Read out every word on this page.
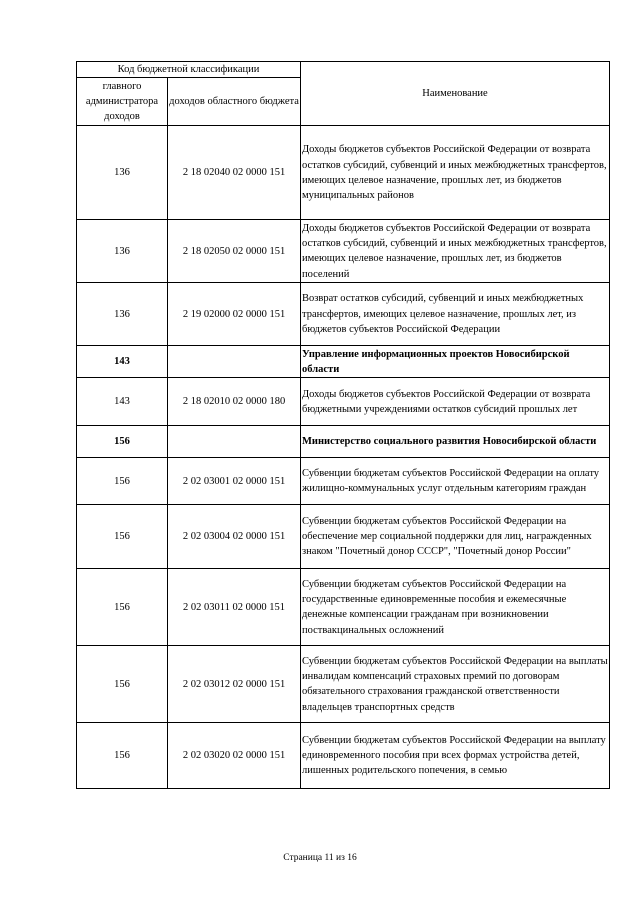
Код бюджетной классификации		Наименование
главного администратора доходов	доходов областного бюджета	
136	2 18 02040 02 0000 151	Доходы бюджетов субъектов Российской Федерации от возврата остатков субсидий, субвенций и иных межбюджетных трансфертов, имеющих целевое назначение, прошлых лет, из бюджетов муниципальных районов
136	2 18 02050 02 0000 151	Доходы бюджетов субъектов Российской Федерации от возврата остатков субсидий, субвенций и иных межбюджетных трансфертов, имеющих целевое назначение, прошлых лет, из бюджетов поселений
136	2 19 02000 02 0000 151	Возврат остатков субсидий, субвенций и иных межбюджетных трансфертов, имеющих целевое назначение, прошлых лет, из бюджетов субъектов Российской Федерации
143		Управление информационных проектов Новосибирской области
143	2 18 02010 02 0000 180	Доходы бюджетов субъектов Российской Федерации от возврата бюджетными учреждениями остатков субсидий прошлых лет
156		Министерство социального развития Новосибирской области
156	2 02 03001 02 0000 151	Субвенции бюджетам субъектов Российской Федерации на оплату жилищно-коммунальных услуг отдельным категориям граждан
156	2 02 03004 02 0000 151	Субвенции бюджетам субъектов Российской Федерации на обеспечение мер социальной поддержки для лиц, награжденных знаком "Почетный донор СССР", "Почетный донор России"
156	2 02 03011 02 0000 151	Субвенции бюджетам субъектов Российской Федерации на государственные единовременные пособия и ежемесячные денежные компенсации гражданам при возникновении поствакцинальных осложнений
156	2 02 03012 02 0000 151	Субвенции бюджетам субъектов Российской Федерации на выплаты инвалидам компенсаций страховых премий по договорам обязательного страхования гражданской ответственности владельцев транспортных средств
156	2 02 03020 02 0000 151	Субвенции бюджетам субъектов Российской Федерации на выплату единовременного пособия при всех формах устройства детей, лишенных родительского попечения, в семью
Страница 11 из 16
